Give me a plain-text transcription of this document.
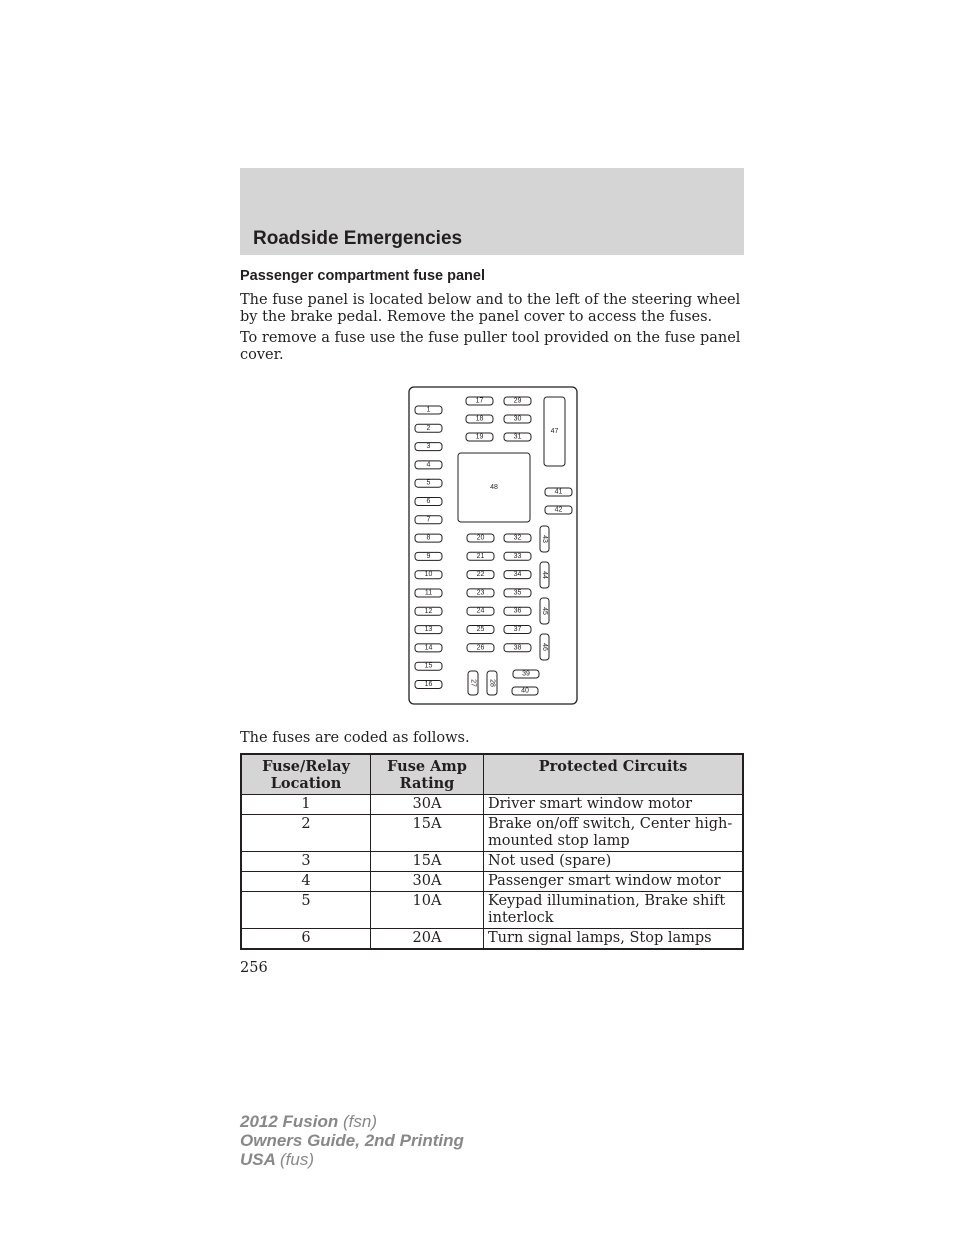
Roadside Emergencies
Passenger compartment fuse panel
The fuse panel is located below and to the left of the steering wheel by the brake pedal. Remove the panel cover to access the fuses.
To remove a fuse use the fuse puller tool provided on the fuse panel cover.
1
2
3
4
5
6
7
8
9
10
11
12
13
14
15
16
17
18
19
29
30
31
47
48
41
42
20
21
22
23
24
25
26
32
33
34
35
36
37
38
43
44
45
46
27 28
39
40
The fuses are coded as follows.
Fuse/Relay Location	Fuse Amp Rating	Protected Circuits
1	30A	Driver smart window motor
2	15A	Brake on/off switch, Center high-mounted stop lamp
3	15A	Not used (spare)
4	30A	Passenger smart window motor
5	10A	Keypad illumination, Brake shift interlock
6	20A	Turn signal lamps, Stop lamps
256
2012 Fusion (fsn)
Owners Guide, 2nd Printing
USA (fus)
